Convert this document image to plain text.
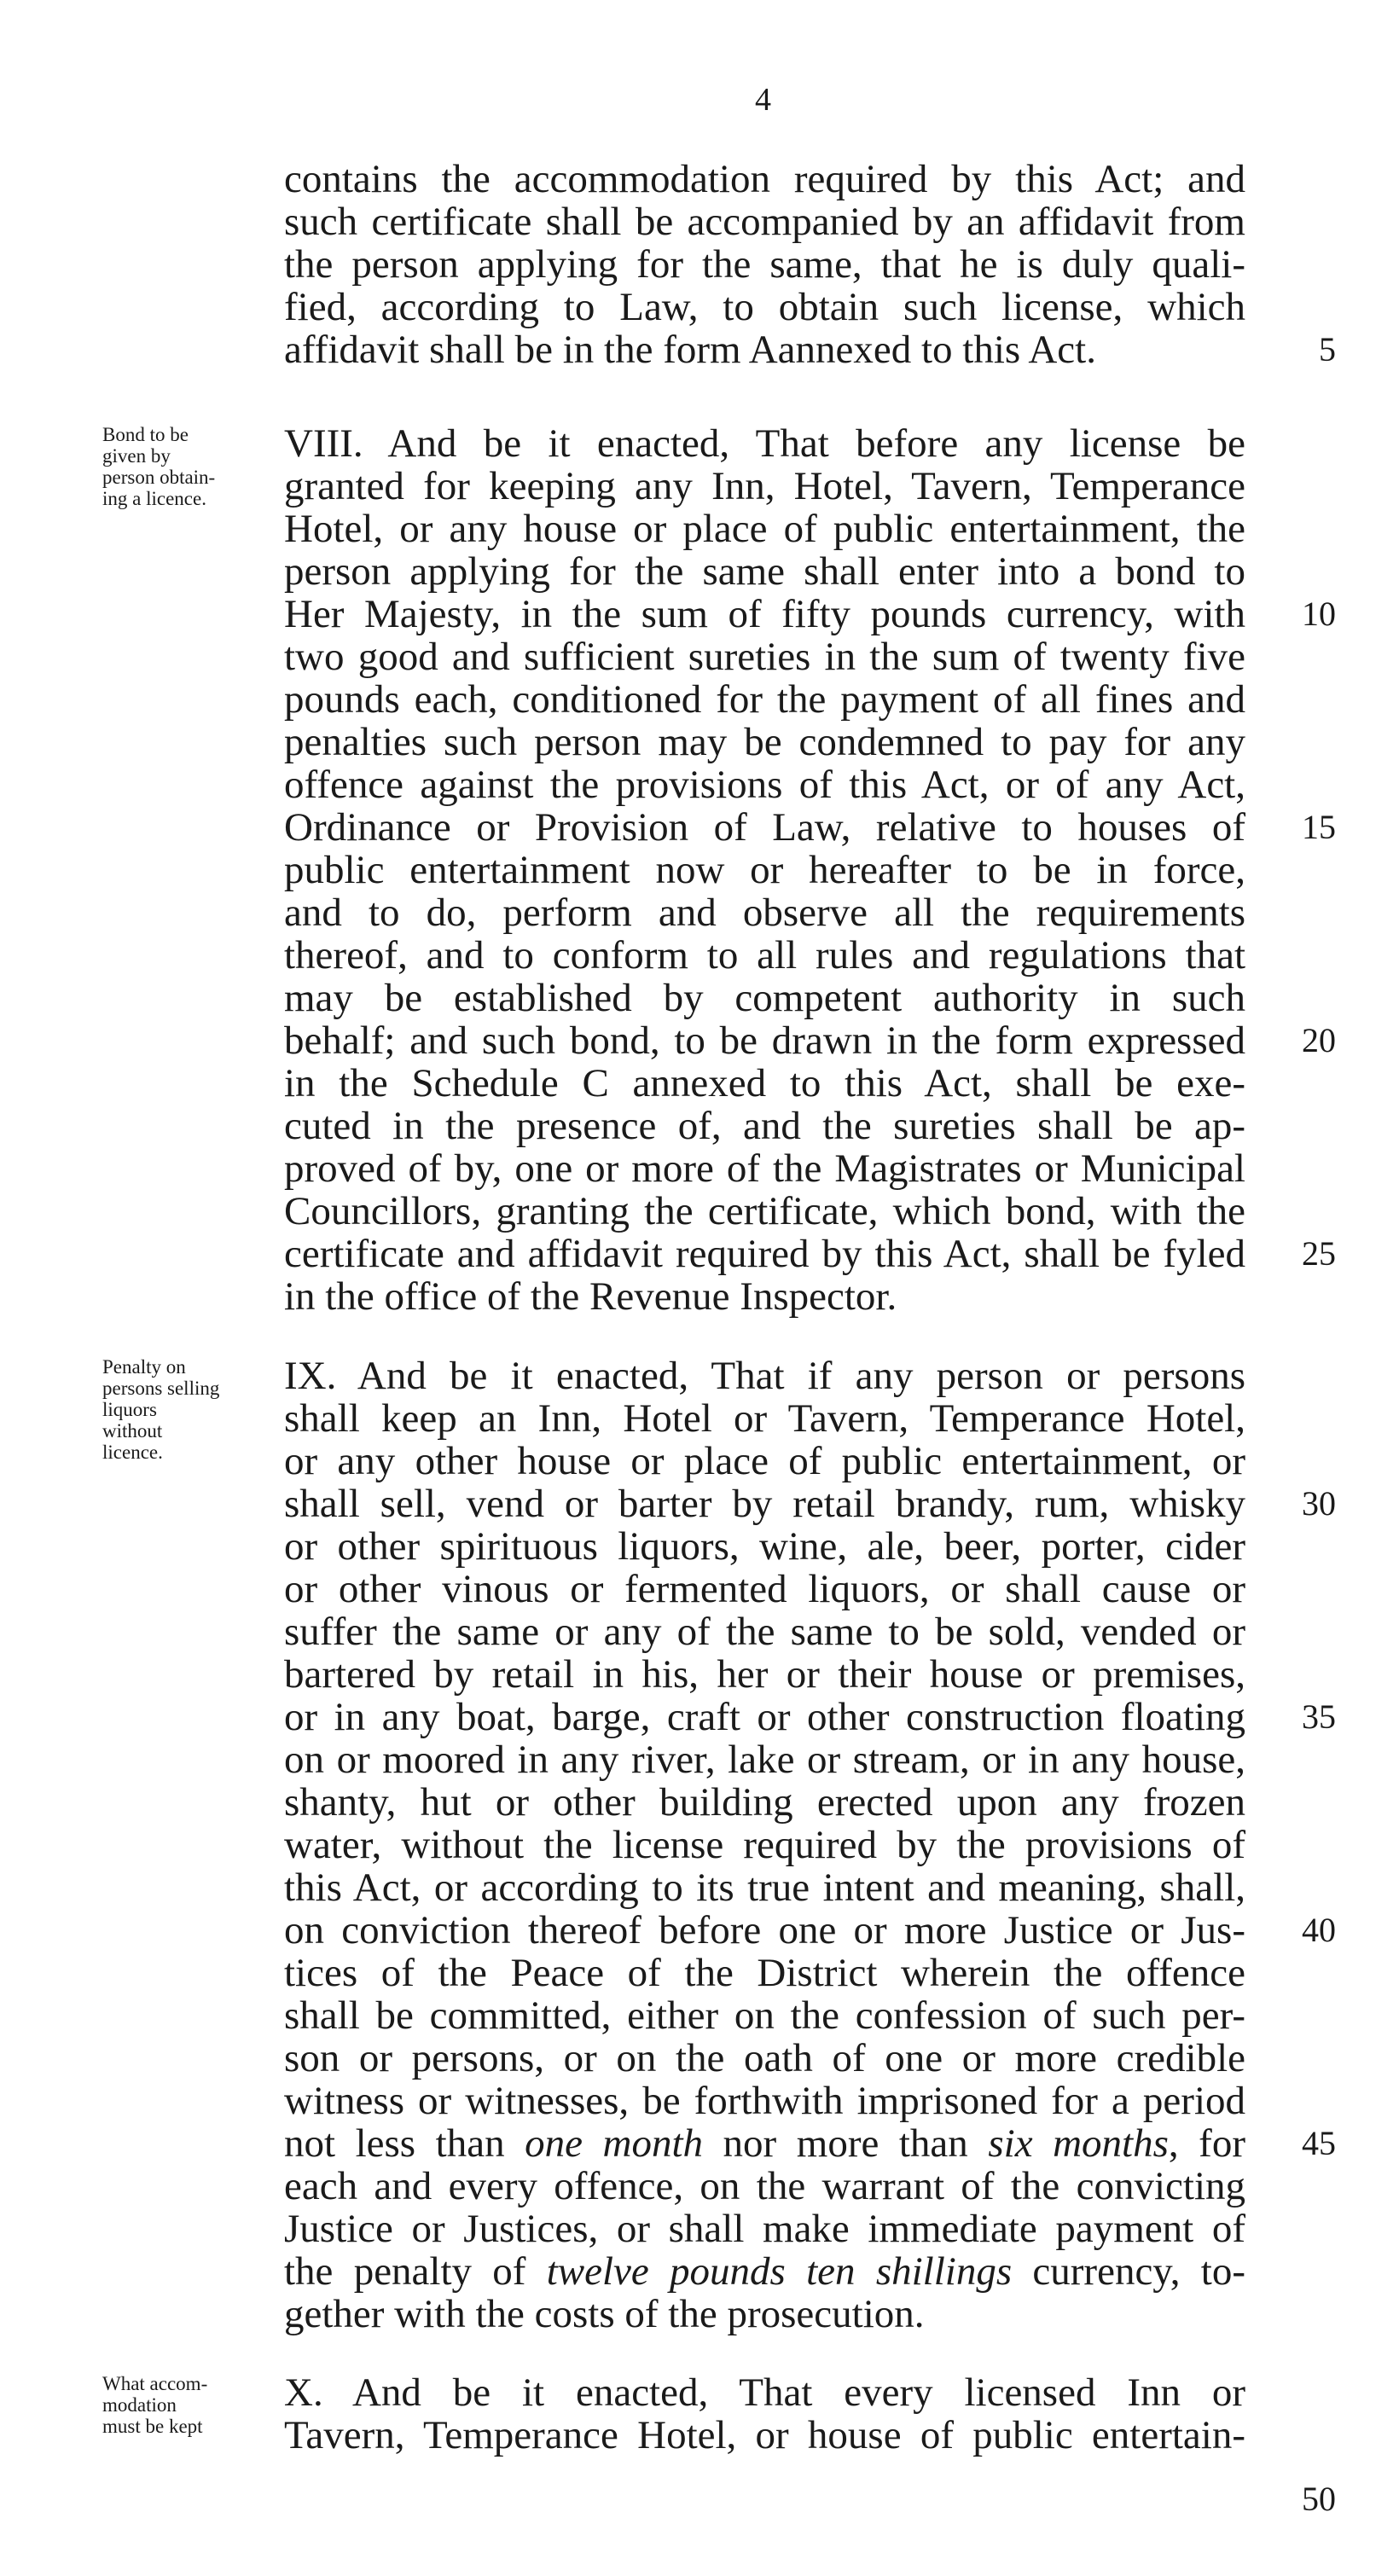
4
Bond to be
given by
person obtain-
ing a licence.
Penalty on
persons selling
liquors
without
licence.
What accom-
modation
must be kept
contains the accommodation required by this Act; and
such certificate shall be accompanied by an affidavit from
the person applying for the same, that he is duly quali-
fied, according to Law, to obtain such license, which
affidavit shall be in the form Aannexed to this Act.
VIII. And be it enacted, That before any license be
granted for keeping any Inn, Hotel, Tavern, Temperance
Hotel, or any house or place of public entertainment, the
person applying for the same shall enter into a bond to
Her Majesty, in the sum of fifty pounds currency, with
two good and sufficient sureties in the sum of twenty five
pounds each, conditioned for the payment of all fines and
penalties such person may be condemned to pay for any
offence against the provisions of this Act, or of any Act,
Ordinance or Provision of Law, relative to houses of
public entertainment now or hereafter to be in force,
and to do, perform and observe all the requirements
thereof, and to conform to all rules and regulations that
may be established by competent authority in such
behalf; and such bond, to be drawn in the form expressed
in the Schedule C annexed to this Act, shall be exe-
cuted in the presence of, and the sureties shall be ap-
proved of by, one or more of the Magistrates or Municipal
Councillors, granting the certificate, which bond, with the
certificate and affidavit required by this Act, shall be fyled
in the office of the Revenue Inspector.
IX. And be it enacted, That if any person or persons
shall keep an Inn, Hotel or Tavern, Temperance Hotel,
or any other house or place of public entertainment, or
shall sell, vend or barter by retail brandy, rum, whisky
or other spirituous liquors, wine, ale, beer, porter, cider
or other vinous or fermented liquors, or shall cause or
suffer the same or any of the same to be sold, vended or
bartered by retail in his, her or their house or premises,
or in any boat, barge, craft or other construction floating
on or moored in any river, lake or stream, or in any house,
shanty, hut or other building erected upon any frozen
water, without the license required by the provisions of
this Act, or according to its true intent and meaning, shall,
on conviction thereof before one or more Justice or Jus-
tices of the Peace of the District wherein the offence
shall be committed, either on the confession of such per-
son or persons, or on the oath of one or more credible
witness or witnesses, be forthwith imprisoned for a period
not less than one month nor more than six months, for
each and every offence, on the warrant of the convicting
Justice or Justices, or shall make immediate payment of
the penalty of twelve pounds ten shillings currency, to-
gether with the costs of the prosecution.
X. And be it enacted, That every licensed Inn or
Tavern, Temperance Hotel, or house of public entertain-
5
10
15
20
25
30
35
40
45
50
